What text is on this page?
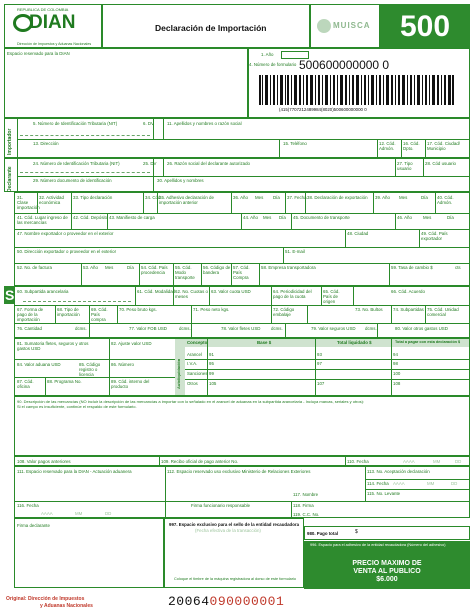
REPUBLICA DE COLOMBIA
DIAN
Dirección de Impuestos y Aduanas Nacionales
Declaración de Importación	MUISCA 500
Espacio reservado para la DIAN	1. Año
4. Número de formulario 500600000000 0
(415)7707212489984(8020)500600000000 0
Importador
5. Número de Identificación Tributaria (NIT)	6. DV	11. Apellidos y nombres o razón social
13. Dirección	15. Teléfono	12. Cód. Admón.
16. Cód. Dpto.
17. Cód. Ciudad/ Municipio
Declarante
24. Número de Identificación Tributaria (NIT)	25. DV 26. Razón social del declarante autorizado	27. Tipo usuario
28. Cód usuario
29. Número documento de identificación	30. Apellidos y nombres
31. Clase importación
32. Actividad económica
33. Tipo declaración	34. Cód.
35. Adhesivo declaración de importación anterior
36. Año Mes Día 37. Fecha 38. Declaración de exportación 39. Año Mes	Día 40. Cód. Admón.
41. Cód. Lugar ingreso de las mercancías
42. Cód. Depósito 43. Manifiesto de carga	44. Año Mes Día 45. Documento de transporte	46. Año	Mes	Día
47. Nombre exportador o proveedor en el exterior	48. Ciudad	49. Cód. País exportador
50. Dirección exportador o proveedor en el exterior	51. E-mail
52. No. de factura	53. Año Mes	Día 54. Cód. País procedencia
55. Cód. Modo transporte
56. Código de bandera
57. Cód. País Compra
58. Empresa transportadora	59. Tasa de cambio $	cts
S 60. Subpartida arancelaria	61. Cód. Modalidad 62. No. Cuotas o meses
63. Valor cuota USD	64. Periodicidad del pago de la cuota
65. Cód. País de origen
66. Cód. Acuerdo
67. Forma de pago de la importación
68. Tipo de importación
69. Cód. País compra
70. Peso bruto kgs.	71. Peso neto kgs.	72. Código embalaje
73. No. Bultos 74. Subpartidas 75. Cód. Unidad comercial
76. Cantidad	dcms.	77. Valor FOB USD	dcms.	78. Valor fletes USD dcms.	79. Valor seguros USD dcms.	80. Valor otros gastos USD
81. Sumatoria fletes, seguros y otros gastos USD
82. Ajuste valor USD
84. Valor aduana USD	85. Código registro o licencia
86. Número
87. Cód. oficina
88. Programa No.	89. Cód. interno del producto	Autoliquidación
Concepto	Base $	Total liquidado $	Total a pagar con esta declaración $
Arancel 91	93	94
I.V.A.	95	97	98
Sanciones 99	100
Otros	105	107	108
90. Descripción de las mercancías (NO incluir la descripción de las mercancías a importar con lo señalado en el arancel de aduanas en la subpartida arancelaria - Incluya marcas, seriales y otros):
Si el campo es insuficiente, continúe el respaldo de este formulario.
108. Valor pagos anteriores	109. Recibo oficial de pago anterior No.	110. Fecha	AAAA	MM	DD
111. Espacio reservado para la DIAN - Actuación aduanera	112. Espacio reservado uso exclusivo Ministerio de Relaciones Exteriores	113. No. Aceptación declaración
114. Fecha AAAA	MM	DD
115. No. Levante
116. Fecha
AAAA	MM	DD
Firma funcionario responsable
117. Nombre
118. Firma
119. C.C. No.
Firma declarante	997. Espacio exclusivo para el sello de la entidad recaudadora
(Fecha efectiva de la transacción)
Coloque el timbre de la máquina registradora al dorso de este formulario
980. Pago total	$
996. Espacio para el adhesivo de la entidad recaudadora (Número del adhesivo)
PRECIO MAXIMO DE
VENTA AL PUBLICO
$6.000
Original: Dirección de Impuestos
y Aduanas Nacionales	20064090000001
